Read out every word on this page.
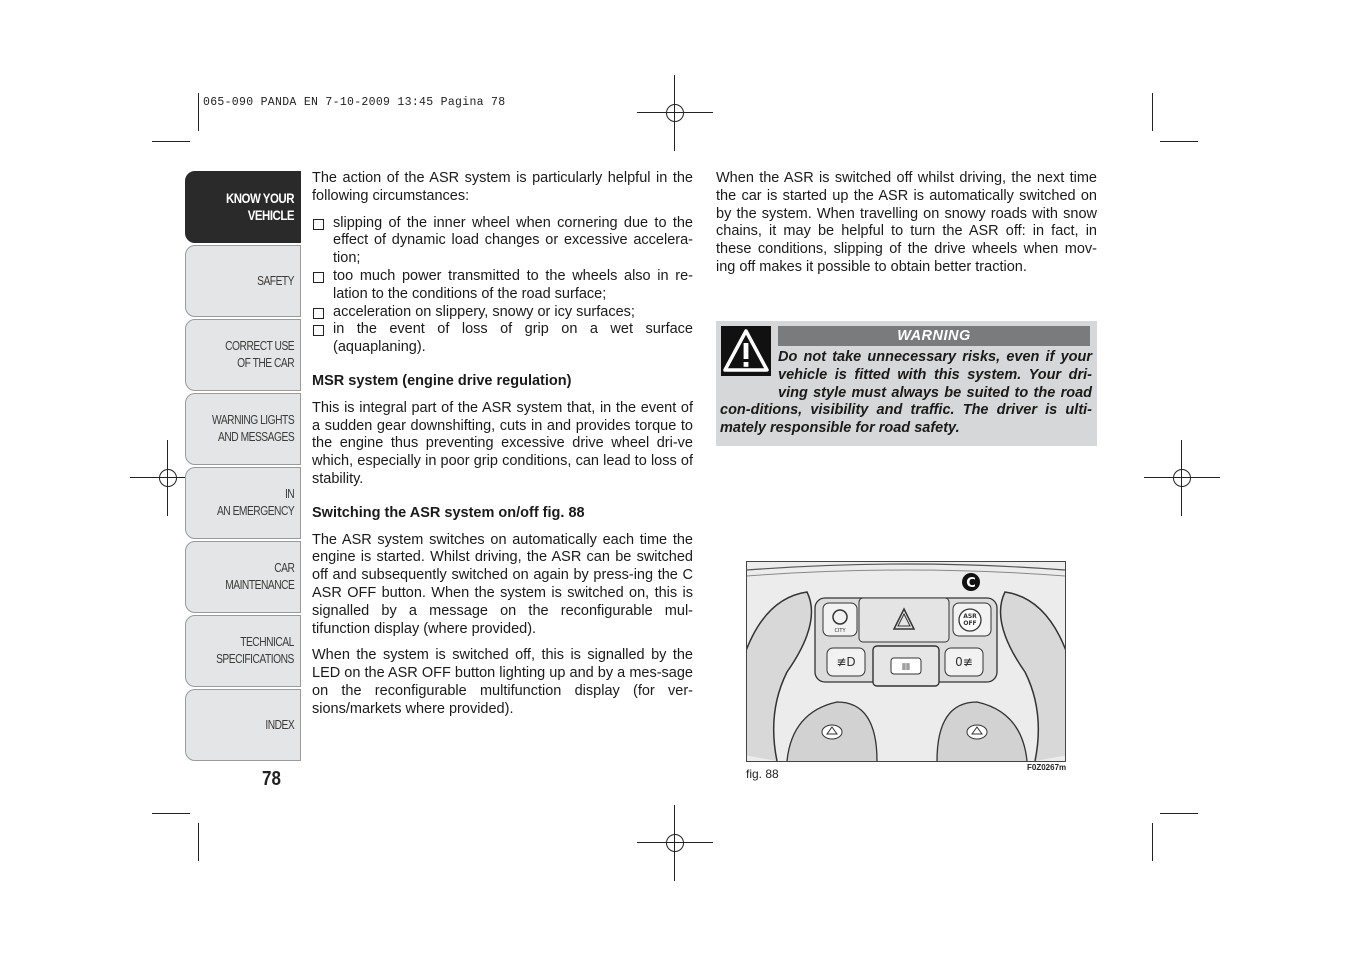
065-090 PANDA EN 7-10-2009 13:45 Pagina 78
KNOW YOUR
VEHICLE
SAFETY
CORRECT USE
OF THE CAR
WARNING LIGHTS
AND MESSAGES
IN
AN EMERGENCY
CAR
MAINTENANCE
TECHNICAL
SPECIFICATIONS
INDEX
78

The action of the ASR system is particularly helpful in the following circumstances:

slipping of the inner wheel when cornering due to the effect of dynamic load changes or excessive accelera-tion;
too much power transmitted to the wheels also in re-lation to the conditions of the road surface;
acceleration on slippery, snowy or icy surfaces;
in the event of loss of grip on a wet surface (aquaplaning).
MSR system (engine drive regulation)

This is integral part of the ASR system that, in the event of a sudden gear downshifting, cuts in and provides torque to the engine thus preventing excessive drive wheel dri-ve which, especially in poor grip conditions, can lead to loss of stability.

Switching the ASR system on/off fig. 88

The ASR system switches on automatically each time the engine is started. Whilst driving, the ASR can be switched off and subsequently switched on again by press-ing the C ASR OFF button. When the system is switched on, this is signalled by a message on the reconfigurable mul-tifunction display (where provided).

When the system is switched off, this is signalled by the LED on the ASR OFF button lighting up and by a mes-sage on the reconfigurable multifunction display (for ver-sions/markets where provided).

When the ASR is switched off whilst driving, the next time the car is started up the ASR is automatically switched on by the system. When travelling on snowy roads with snow chains, it may be helpful to turn the ASR off: in fact, in these conditions, slipping of the drive wheels when mov-ing off makes it possible to obtain better traction.

WARNING
Do not take unnecessary risks, even if your vehicle is fitted with this system. Your dri-ving style must always be suited to the road con-ditions, visibility and traffic. The driver is ulti-mately responsible for road safety.
≢D	⦀⦀	0≢
C
CITY
ASR
OFF
fig. 88	F0Z0267m
